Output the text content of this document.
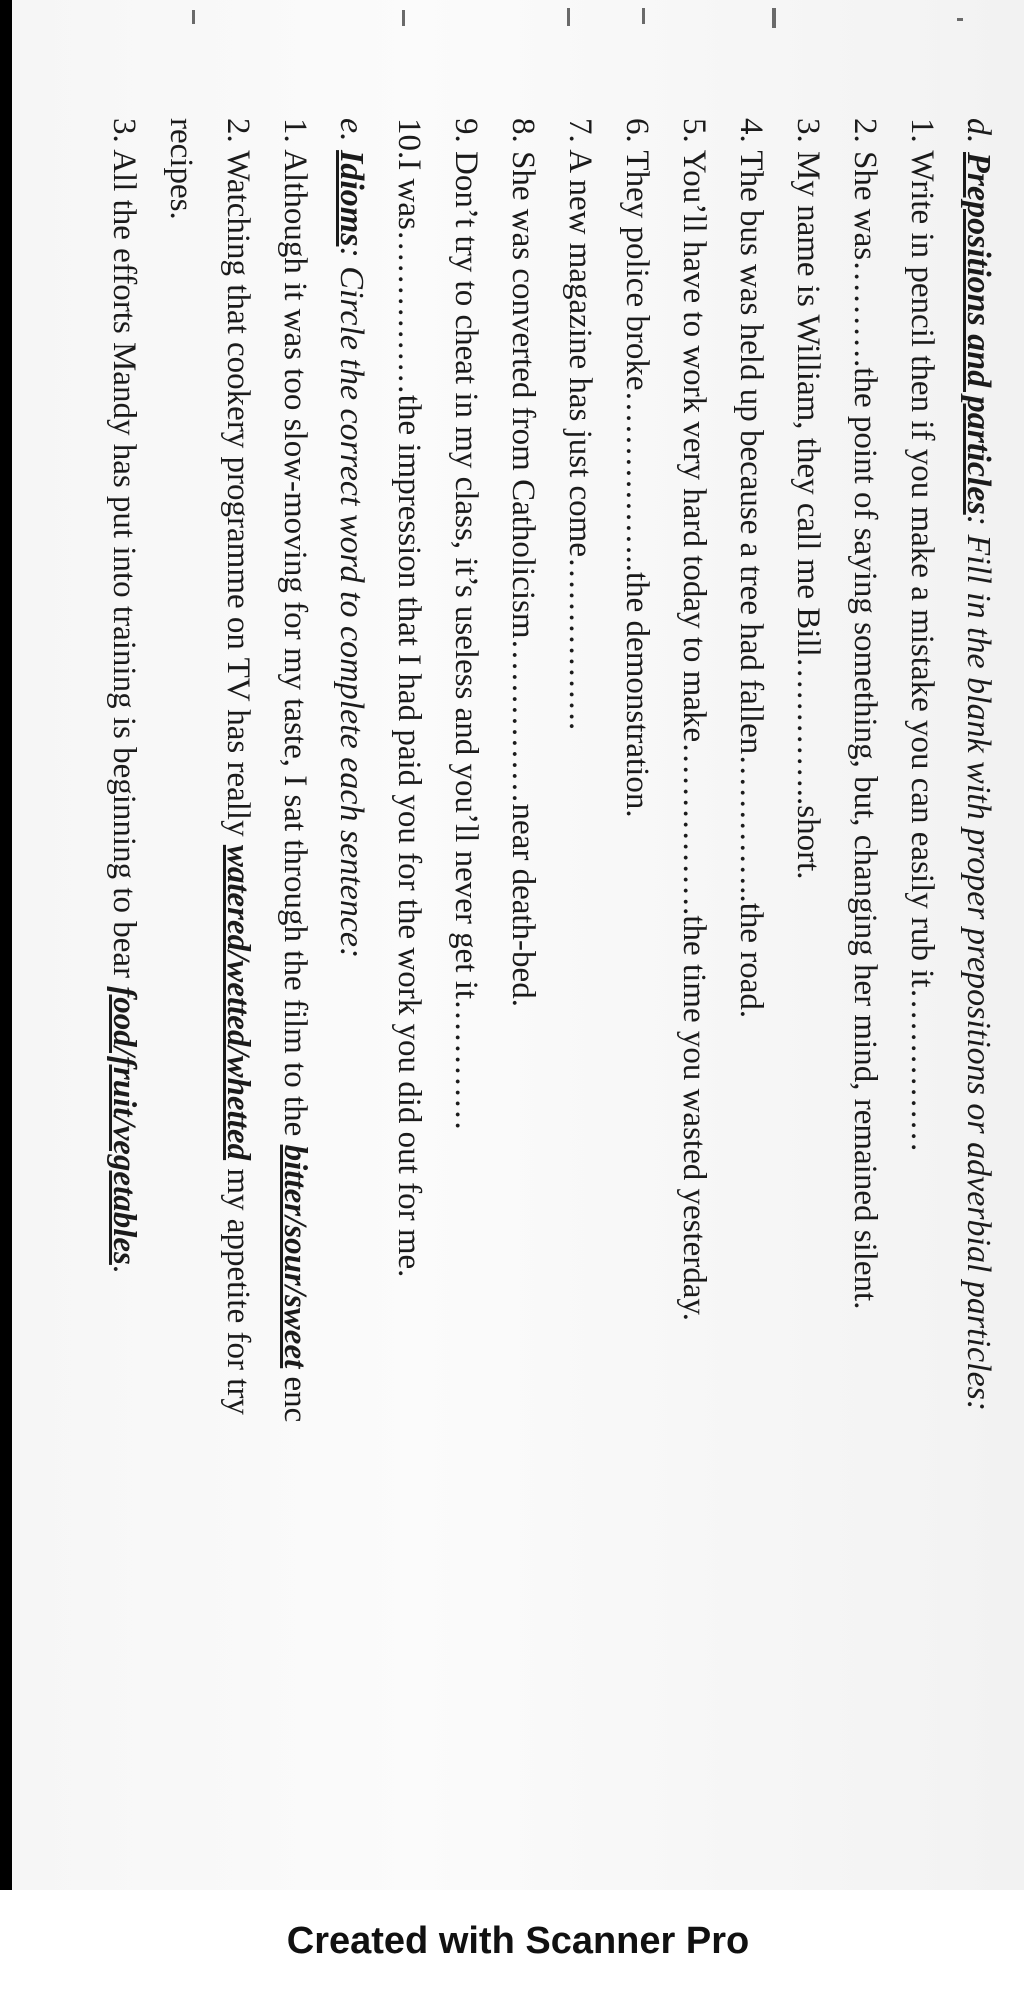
d. Prepositions and particles: Fill in the blank with proper prepositions or adverbial particles:
1. Write in pencil then if you make a mistake you can easily rub it……………
2. She was……….the point of saying something, but, changing her mind, remained silent.
3. My name is William, they call me Bill…………..short.
4. The bus was held up because a tree had fallen…………..the road.
5. You’ll have to work very hard today to make…………….the time you wasted yesterday.
6. They police broke……………..the demonstration.
7. A new magazine has just come…………….
8. She was converted from Catholicism……………near death-bed.
9. Don’t try to cheat in my class, it’s useless and you’ll never get it…………
10.I was……………the impression that I had paid you for the work you did out for me.
e. Idioms: Circle the correct word to complete each sentence:
1. Although it was too slow-moving for my taste, I sat through the film to the bitter/sour/sweet enc
2. Watching that cookery programme on TV has really watered/wetted/whetted my appetite for try
recipes.
3. All the efforts Mandy has put into training is beginning to bear food/fruit/vegetables.
Created with Scanner Pro
